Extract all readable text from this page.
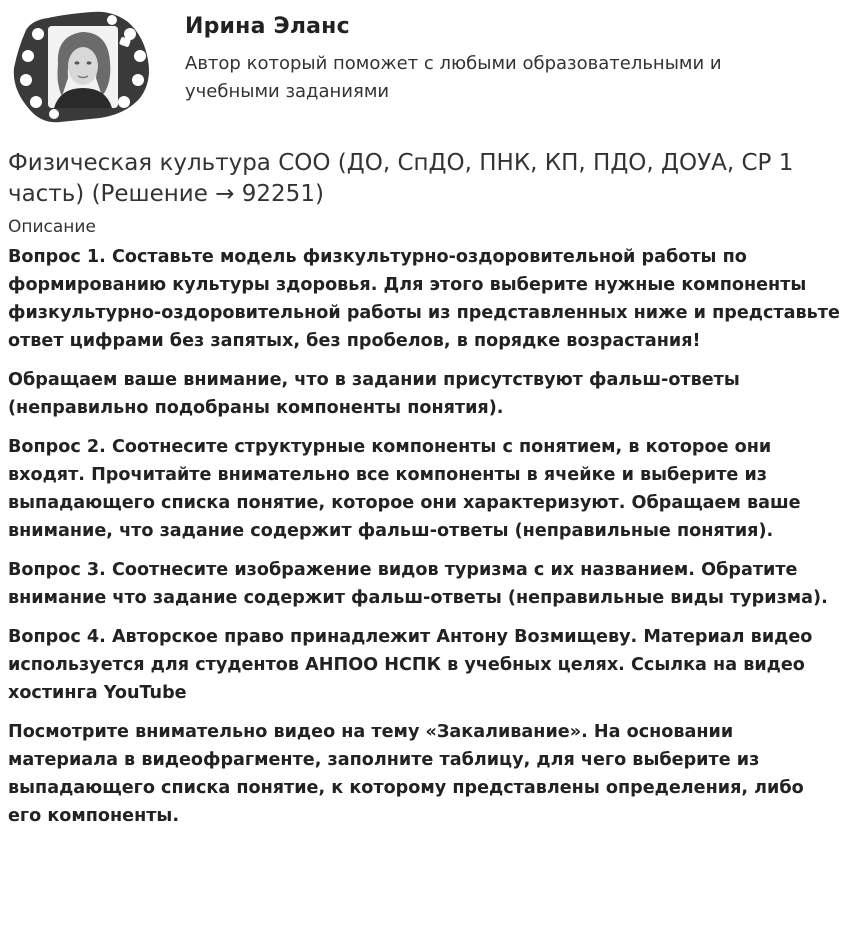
Ирина Эланс
Автор который поможет с любыми образовательными и учебными заданиями
Физическая культура СОО (ДО, СпДО, ПНК, КП, ПДО, ДОУА, СР 1 часть) (Решение → 92251)
Описание

Вопрос 1. Составьте модель физкультурно-оздоровительной работы по формированию культуры здоровья. Для этого выберите нужные компоненты физкультурно-оздоровительной работы из представленных ниже и представьте ответ цифрами без запятых, без пробелов, в порядке возрастания!

Обращаем ваше внимание, что в задании присутствуют фальш-ответы (неправильно подобраны компоненты понятия).

Вопрос 2. Соотнесите структурные компоненты с понятием, в которое они входят. Прочитайте внимательно все компоненты в ячейке и выберите из выпадающего списка понятие, которое они характеризуют. Обращаем ваше внимание, что задание содержит фальш-ответы (неправильные понятия).

Вопрос 3. Соотнесите изображение видов туризма с их названием. Обратите внимание что задание содержит фальш-ответы (неправильные виды туризма).

Вопрос 4. Авторское право принадлежит Антону Возмищеву. Материал видео используется для студентов АНПОО НСПК в учебных целях. Ссылка на видео хостинга YouTube

Посмотрите внимательно видео на тему «Закаливание». На основании материала в видеофрагменте, заполните таблицу, для чего выберите из выпадающего списка понятие, к которому представлены определения, либо его компоненты.
